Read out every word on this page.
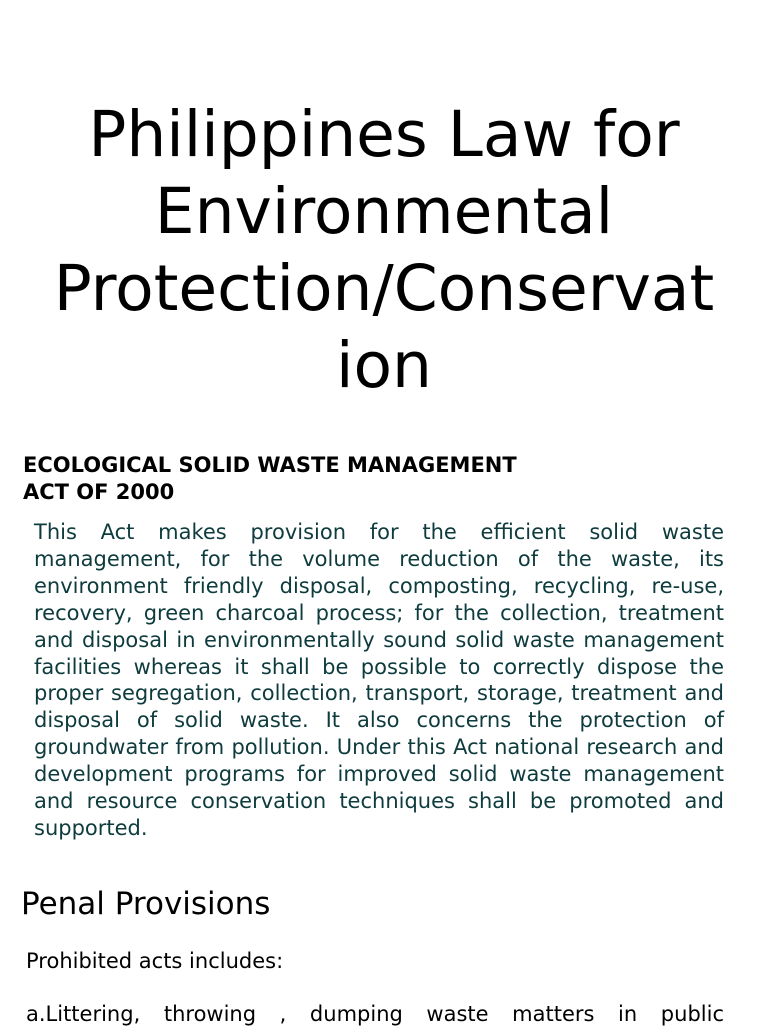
Philippines Law for
Environmental
Protection/Conservat
ion
ECOLOGICAL SOLID WASTE MANAGEMENT
ACT OF 2000

This Act makes provision for the efficient solid waste management, for the volume reduction of the waste, its environment friendly disposal, composting, recycling, re-use, recovery, green charcoal process; for the collection, treatment and disposal in environmentally sound solid waste management facilities whereas it shall be possible to correctly dispose the proper segregation, collection, transport, storage, treatment and disposal of solid waste. It also concerns the protection of groundwater from pollution. Under this Act national research and development programs for improved solid waste management and resource conservation techniques shall be promoted and supported.

Penal Provisions

Prohibited acts includes:

a.Littering, throwing , dumping waste matters in public
